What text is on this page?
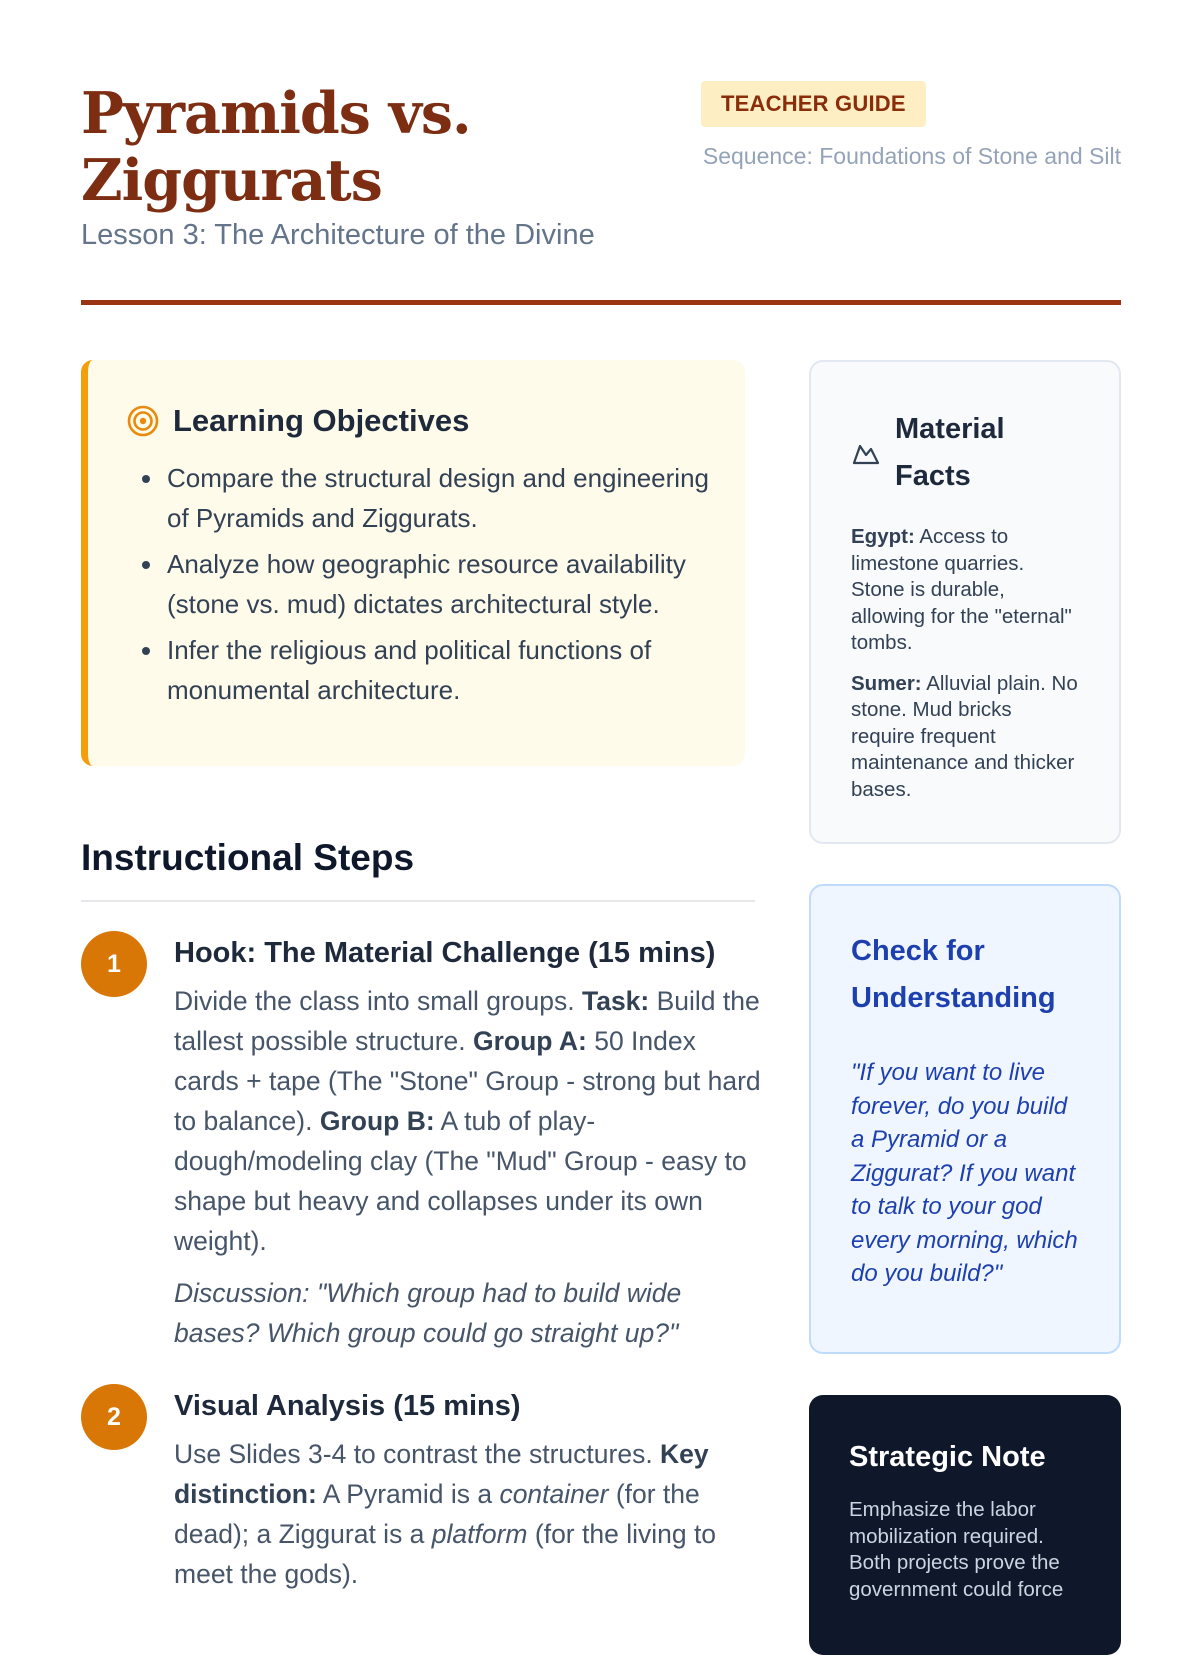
Pyramids vs. Ziggurats
Lesson 3: The Architecture of the Divine
TEACHER GUIDE
Sequence: Foundations of Stone and Silt
Learning Objectives
• Compare the structural design and engineering of Pyramids and Ziggurats.
• Analyze how geographic resource availability (stone vs. mud) dictates architectural style.
• Infer the religious and political functions of monumental architecture.
Instructional Steps
1	Hook: The Material Challenge (15 mins)
Divide the class into small groups. Task: Build the tallest possible structure. Group A: 50 Index cards + tape (The "Stone" Group - strong but hard to balance). Group B: A tub of play-dough/modeling clay (The "Mud" Group - easy to shape but heavy and collapses under its own weight).
Discussion: "Which group had to build wide bases? Which group could go straight up?"
2	Visual Analysis (15 mins)
Use Slides 3-4 to contrast the structures. Key distinction: A Pyramid is a container (for the dead); a Ziggurat is a platform (for the living to meet the gods).
Material Facts

Egypt: Access to limestone quarries. Stone is durable, allowing for the "eternal" tombs.

Sumer: Alluvial plain. No stone. Mud bricks require frequent maintenance and thicker bases.

Check for Understanding
"If you want to live forever, do you build a Pyramid or a Ziggurat? If you want to talk to your god every morning, which do you build?"
Strategic Note
Emphasize the labor mobilization required. Both projects prove the government could force
